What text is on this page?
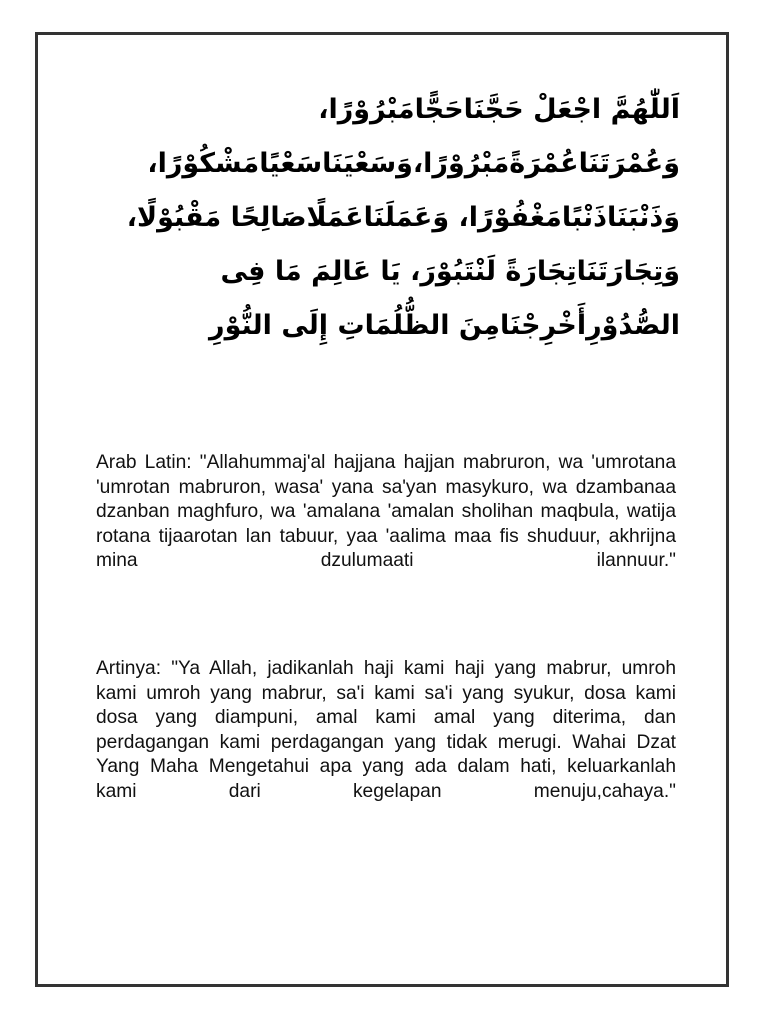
اَللّٰهُمَّ اجْعَلْ حَجَّنَاحَجًّامَبْرُوْرًا،
وَعُمْرَتَنَاعُمْرَةًمَبْرُوْرًا،وَسَعْيَنَاسَعْيًامَشْكُوْرًا،
وَذَنْبَنَاذَنْبًامَغْفُوْرًا، وَعَمَلَنَاعَمَلًاصَالِحًا مَقْبُوْلًا،
وَتِجَارَتَنَاتِجَارَةً لَنْتَبُوْرَ، يَا عَالِمَ مَا فِى
الصُّدُوْرِأَخْرِجْنَامِنَ الظُّلُمَاتِ إِلَى النُّوْرِ

Arab Latin: "Allahummaj'al hajjana hajjan mabruron, wa 'umrotana 'umrotan mabruron, wasa' yana sa'yan masykuro, wa dzambanaa dzanban maghfuro, wa 'amalana 'amalan sholihan maqbula, watija rotana tijaarotan lan tabuur, yaa 'aalima maa fis shuduur, akhrijna mina dzulumaati ilannuur."

Artinya: "Ya Allah, jadikanlah haji kami haji yang mabrur, umroh kami umroh yang mabrur, sa'i kami sa'i yang syukur, dosa kami dosa yang diampuni, amal kami amal yang diterima, dan perdagangan kami perdagangan yang tidak merugi. Wahai Dzat Yang Maha Mengetahui apa yang ada dalam hati, keluarkanlah kami dari kegelapan menuju,cahaya."
